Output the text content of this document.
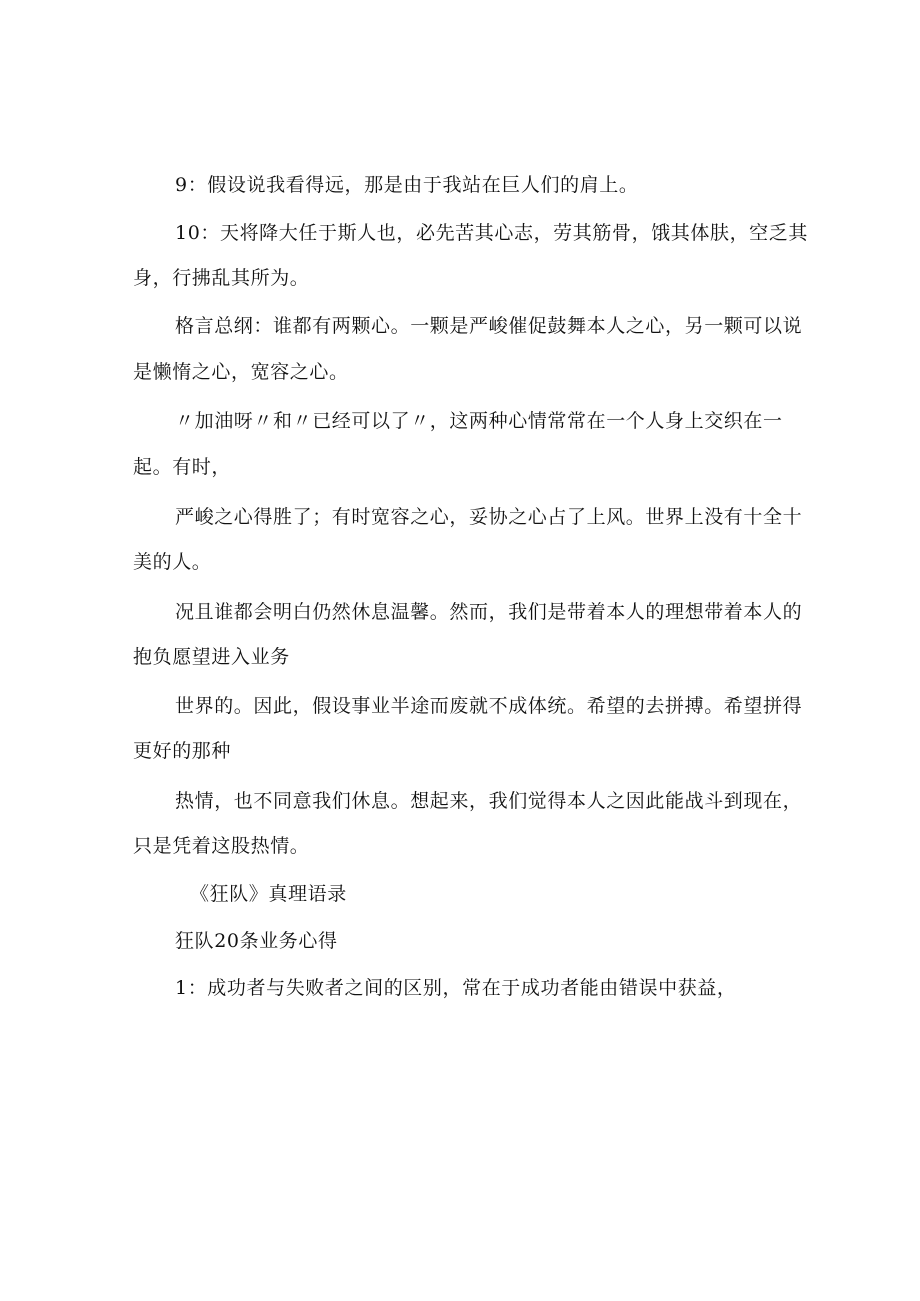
9：假设说我看得远，那是由于我站在巨人们的肩上。
10：天将降大任于斯人也，必先苦其心志，劳其筋骨，饿其体肤，空乏其
身，行拂乱其所为。
格言总纲：谁都有两颗心。一颗是严峻催促鼓舞本人之心，另一颗可以说
是懒惰之心，宽容之心。
〃加油呀〃和〃已经可以了〃，这两种心情常常在一个人身上交织在一
起。有时，
严峻之心得胜了；有时宽容之心，妥协之心占了上风。世界上没有十全十
美的人。
况且谁都会明白仍然休息温馨。然而，我们是带着本人的理想带着本人的
抱负愿望进入业务
世界的。因此，假设事业半途而废就不成体统。希望的去拼搏。希望拼得
更好的那种
热情，也不同意我们休息。想起来，我们觉得本人之因此能战斗到现在，
只是凭着这股热情。
《狂队》真理语录
狂队20条业务心得
1：成功者与失败者之间的区别，常在于成功者能由错误中获益，
